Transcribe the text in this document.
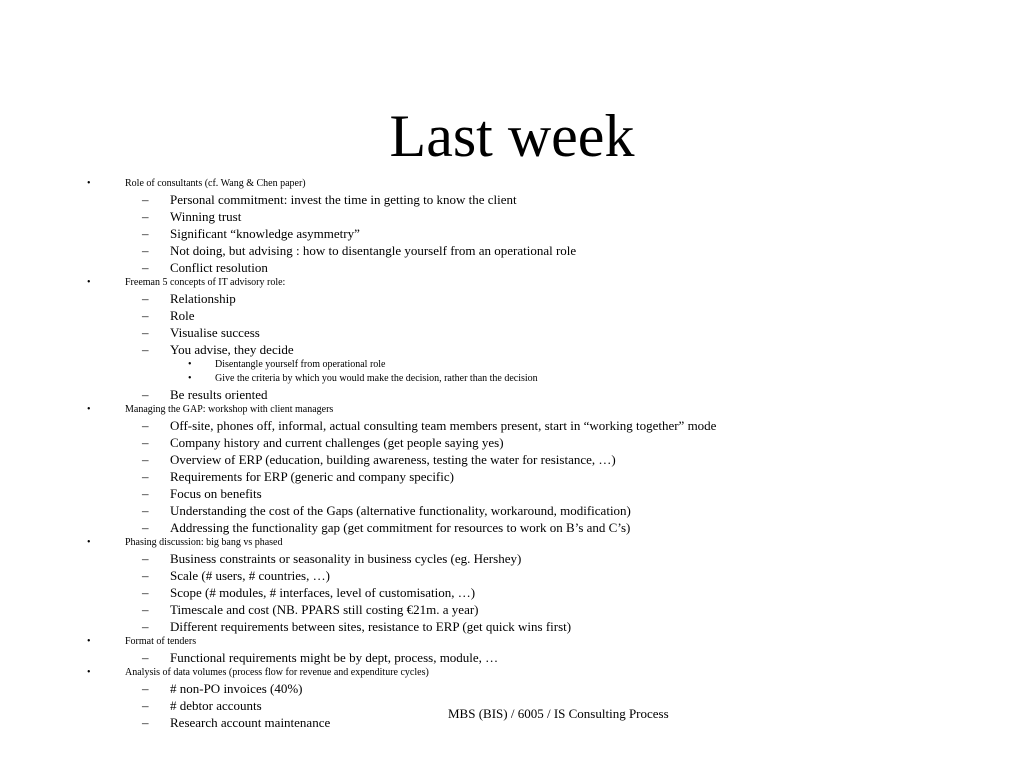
Last week
•	Role of consultants (cf. Wang & Chen paper)
– Personal commitment: invest the time in getting to know the client
– Winning trust
– Significant “knowledge asymmetry”
– Not doing, but advising : how to disentangle yourself from an operational role
– Conflict resolution
•	Freeman 5 concepts of IT advisory role:
– Relationship
– Role
– Visualise success
– You advise, they decide
• Disentangle yourself from operational role
• Give the criteria by which you would make the decision, rather than the decision
– Be results oriented
•	Managing the GAP: workshop with client managers
– Off-site, phones off, informal, actual consulting team members present, start in “working together” mode
– Company history and current challenges (get people saying yes)
– Overview of ERP (education, building awareness, testing the water for resistance, …)
– Requirements for ERP (generic and company specific)
– Focus on benefits
– Understanding the cost of the Gaps (alternative functionality, workaround, modification)
– Addressing the functionality gap (get commitment for resources to work on B’s and C’s)
•	Phasing discussion: big bang vs phased
– Business constraints or seasonality in business cycles (eg. Hershey)
– Scale (# users, # countries, …)
– Scope (# modules, # interfaces, level of customisation, …)
– Timescale and cost (NB. PPARS still costing €21m. a year)
– Different requirements between sites, resistance to ERP (get quick wins first)
•	Format of tenders
– Functional requirements might be by dept, process, module, …
•	Analysis of data volumes (process flow for revenue and expenditure cycles)
– # non-PO invoices (40%)
– # debtor accounts
– Research account maintenance
MBS (BIS) / 6005 / IS Consulting Process
